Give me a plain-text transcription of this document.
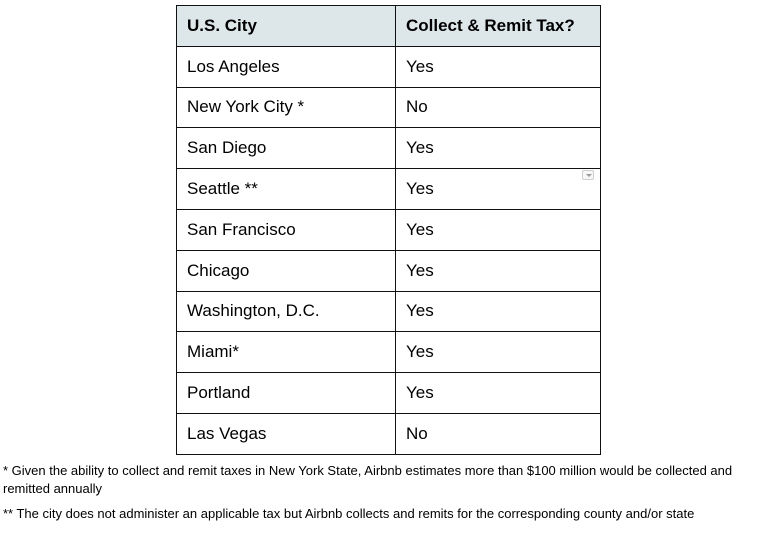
U.S. City	Collect & Remit Tax?
Los Angeles	Yes
New York City *	No
San Diego	Yes
Seattle **	Yes
San Francisco	Yes
Chicago	Yes
Washington, D.C.	Yes
Miami*	Yes
Portland	Yes
Las Vegas	No

* Given the ability to collect and remit taxes in New York State, Airbnb estimates more than $100 million would be collected and remitted annually

** The city does not administer an applicable tax but Airbnb collects and remits for the corresponding county and/or state
